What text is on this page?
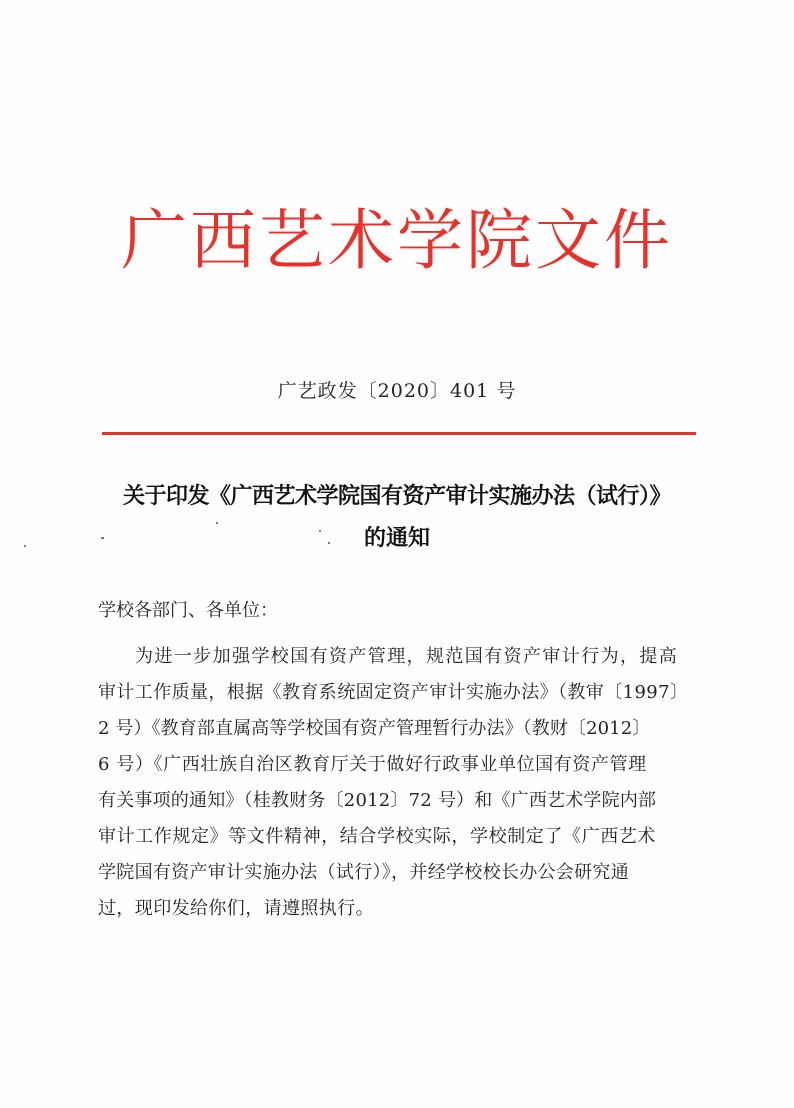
广西艺术学院文件
广艺政发〔2020〕401 号
关于印发《广西艺术学院国有资产审计实施办法（试行）》
的通知
学校各部门、各单位：
为进一步加强学校国有资产管理，规范国有资产审计行为，提高
审计工作质量，根据《教育系统固定资产审计实施办法》（教审〔1997〕
2 号）《教育部直属高等学校国有资产管理暂行办法》（教财〔2012〕
6 号）《广西壮族自治区教育厅关于做好行政事业单位国有资产管理
有关事项的通知》（桂教财务〔2012〕72 号）和《广西艺术学院内部
审计工作规定》等文件精神，结合学校实际，学校制定了《广西艺术
学院国有资产审计实施办法（试行）》，并经学校校长办公会研究通
过，现印发给你们，请遵照执行。
